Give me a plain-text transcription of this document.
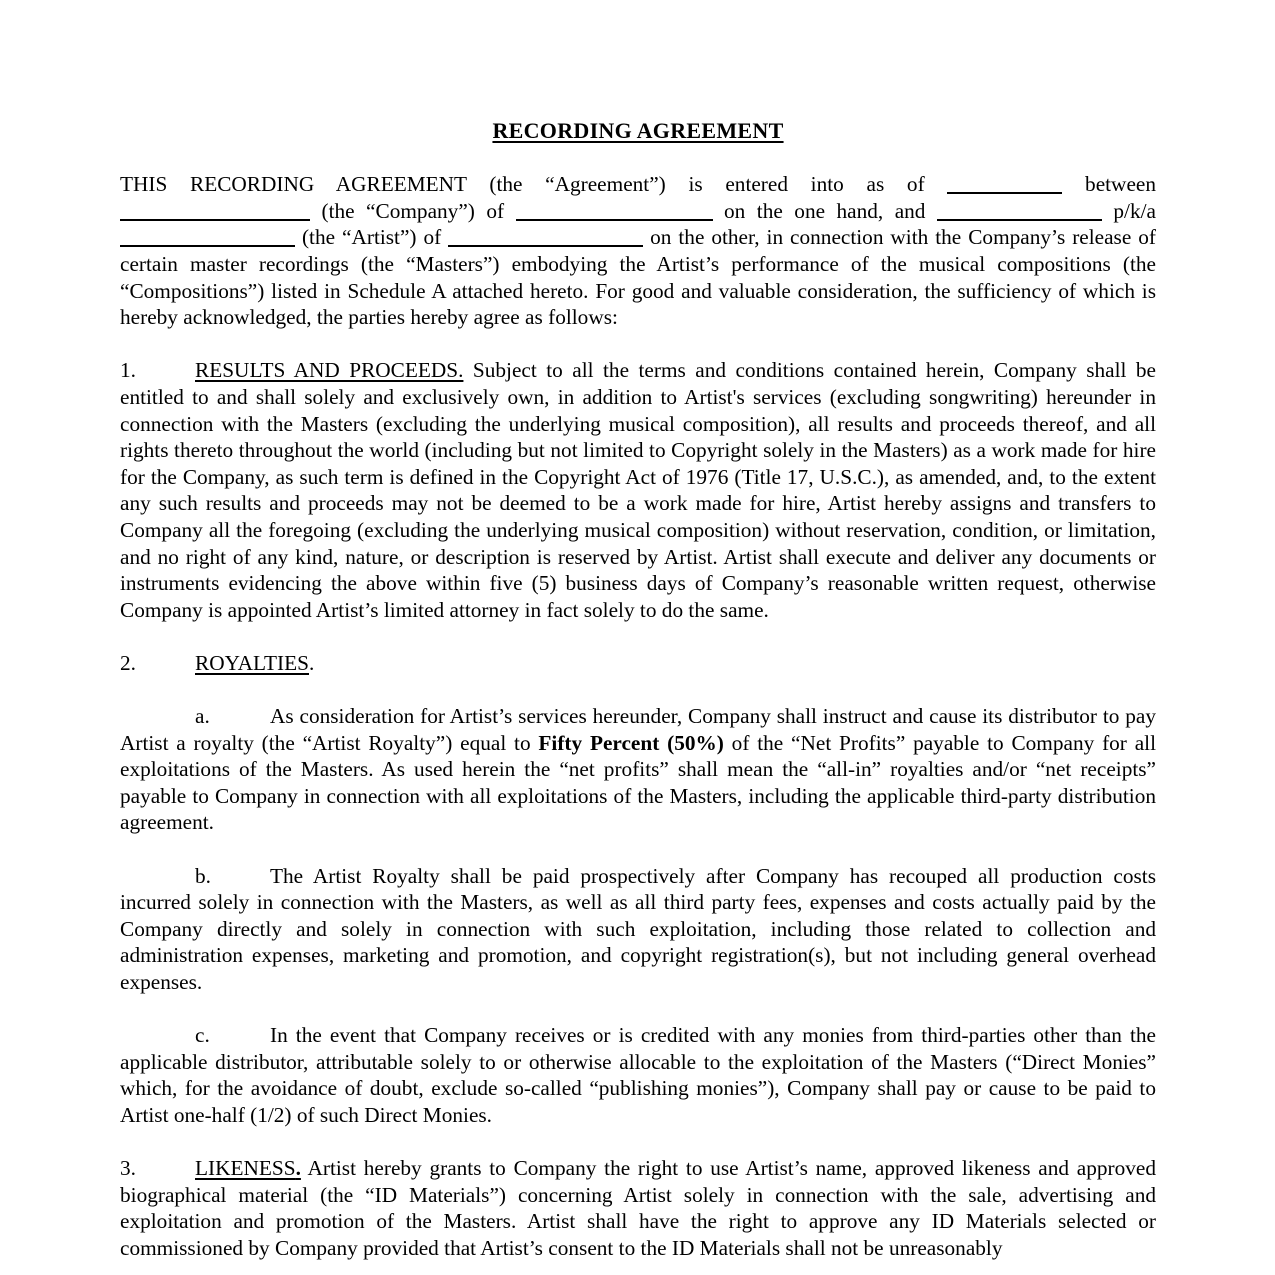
RECORDING AGREEMENT
THIS RECORDING AGREEMENT (the “Agreement”) is entered into as of	between  (the “Company”) of	on the one hand, and	p/k/a  (the “Artist”) of	on the other, in connection with the Company’s release of certain master recordings (the “Masters”) embodying the Artist’s performance of the musical compositions (the “Compositions”) listed in Schedule A attached hereto. For good and valuable consideration, the sufficiency of which is hereby acknowledged, the parties hereby agree as follows:
1.	RESULTS AND PROCEEDS. Subject to all the terms and conditions contained herein, Company shall be entitled to and shall solely and exclusively own, in addition to Artist's services (excluding songwriting) hereunder in connection with the Masters (excluding the underlying musical composition), all results and proceeds thereof, and all rights thereto throughout the world (including but not limited to Copyright solely in the Masters) as a work made for hire for the Company, as such term is defined in the Copyright Act of 1976 (Title 17, U.S.C.), as amended, and, to the extent any such results and proceeds may not be deemed to be a work made for hire, Artist hereby assigns and transfers to Company all the foregoing (excluding the underlying musical composition) without reservation, condition, or limitation, and no right of any kind, nature, or description is reserved by Artist. Artist shall execute and deliver any documents or instruments evidencing the above within five (5) business days of Company’s reasonable written request, otherwise Company is appointed Artist’s limited attorney in fact solely to do the same.
2.	ROYALTIES.
a.	As consideration for Artist’s services hereunder, Company shall instruct and cause its distributor to pay Artist a royalty (the “Artist Royalty”) equal to Fifty Percent (50%) of the “Net Profits” payable to Company for all exploitations of the Masters. As used herein the “net profits” shall mean the “all-in” royalties and/or “net receipts” payable to Company in connection with all exploitations of the Masters, including the applicable third-party distribution agreement.
b.	The Artist Royalty shall be paid prospectively after Company has recouped all production costs incurred solely in connection with the Masters, as well as all third party fees, expenses and costs actually paid by the Company directly and solely in connection with such exploitation, including those related to collection and administration expenses, marketing and promotion, and copyright registration(s), but not including general overhead expenses.
c.	In the event that Company receives or is credited with any monies from third-parties other than the applicable distributor, attributable solely to or otherwise allocable to the exploitation of the Masters (“Direct Monies” which, for the avoidance of doubt, exclude so-called “publishing monies”), Company shall pay or cause to be paid to Artist one-half (1/2) of such Direct Monies.
3.	LIKENESS. Artist hereby grants to Company the right to use Artist’s name, approved likeness and approved biographical material (the “ID Materials”) concerning Artist solely in connection with the sale, advertising and exploitation and promotion of the Masters. Artist shall have the right to approve any ID Materials selected or commissioned by Company provided that Artist’s consent to the ID Materials shall not be unreasonably
